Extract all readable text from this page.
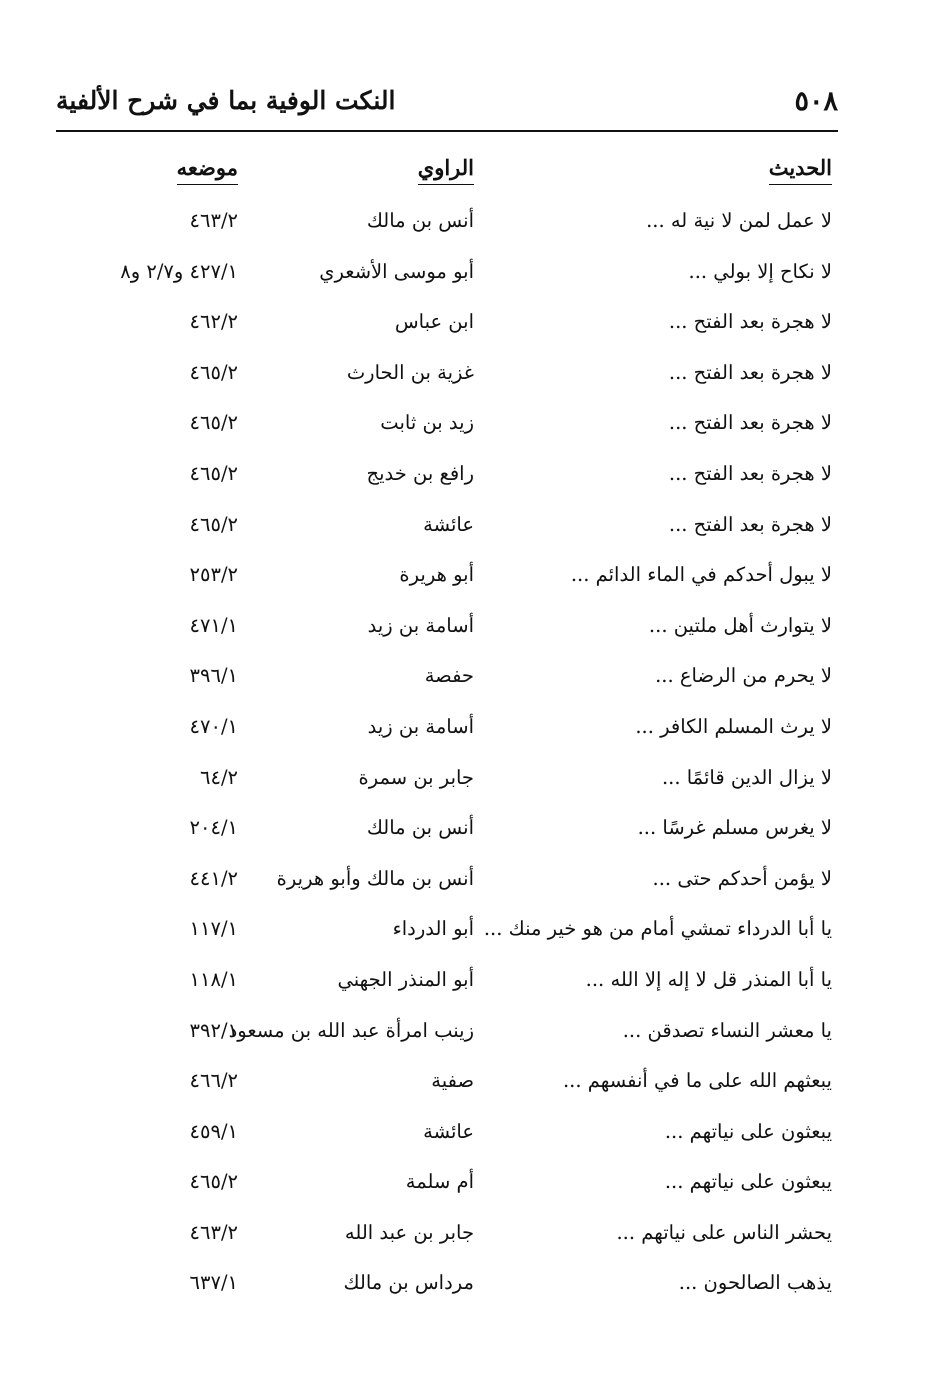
٥٠٨
النكت الوفية بما في شرح الألفية
الحديث
الراوي
موضعه
لا عمل لمن لا نية له ...
أنس بن مالك
٤٦٣/٢
لا نكاح إلا بولي ...
أبو موسى الأشعري
٤٢٧/١ و٢/٧ و٨
لا هجرة بعد الفتح ...
ابن عباس
٤٦٢/٢
لا هجرة بعد الفتح ...
غزية بن الحارث
٤٦٥/٢
لا هجرة بعد الفتح ...
زيد بن ثابت
٤٦٥/٢
لا هجرة بعد الفتح ...
رافع بن خديج
٤٦٥/٢
لا هجرة بعد الفتح ...
عائشة
٤٦٥/٢
لا يبول أحدكم في الماء الدائم ...
أبو هريرة
٢٥٣/٢
لا يتوارث أهل ملتين ...
أسامة بن زيد
٤٧١/١
لا يحرم من الرضاع ...
حفصة
٣٩٦/١
لا يرث المسلم الكافر ...
أسامة بن زيد
٤٧٠/١
لا يزال الدين قائمًا ...
جابر بن سمرة
٦٤/٢
لا يغرس مسلم غرسًا ...
أنس بن مالك
٢٠٤/١
لا يؤمن أحدكم حتى ...
أنس بن مالك وأبو هريرة
٤٤١/٢
يا أبا الدرداء تمشي أمام من هو خير منك ...
أبو الدرداء
١١٧/١
يا أبا المنذر قل لا إله إلا الله ...
أبو المنذر الجهني
١١٨/١
يا معشر النساء تصدقن ...
زينب امرأة عبد الله بن مسعود
٣٩٢/١
يبعثهم الله على ما في أنفسهم ...
صفية
٤٦٦/٢
يبعثون على نياتهم ...
عائشة
٤٥٩/١
يبعثون على نياتهم ...
أم سلمة
٤٦٥/٢
يحشر الناس على نياتهم ...
جابر بن عبد الله
٤٦٣/٢
يذهب الصالحون ...
مرداس بن مالك
٦٣٧/١
